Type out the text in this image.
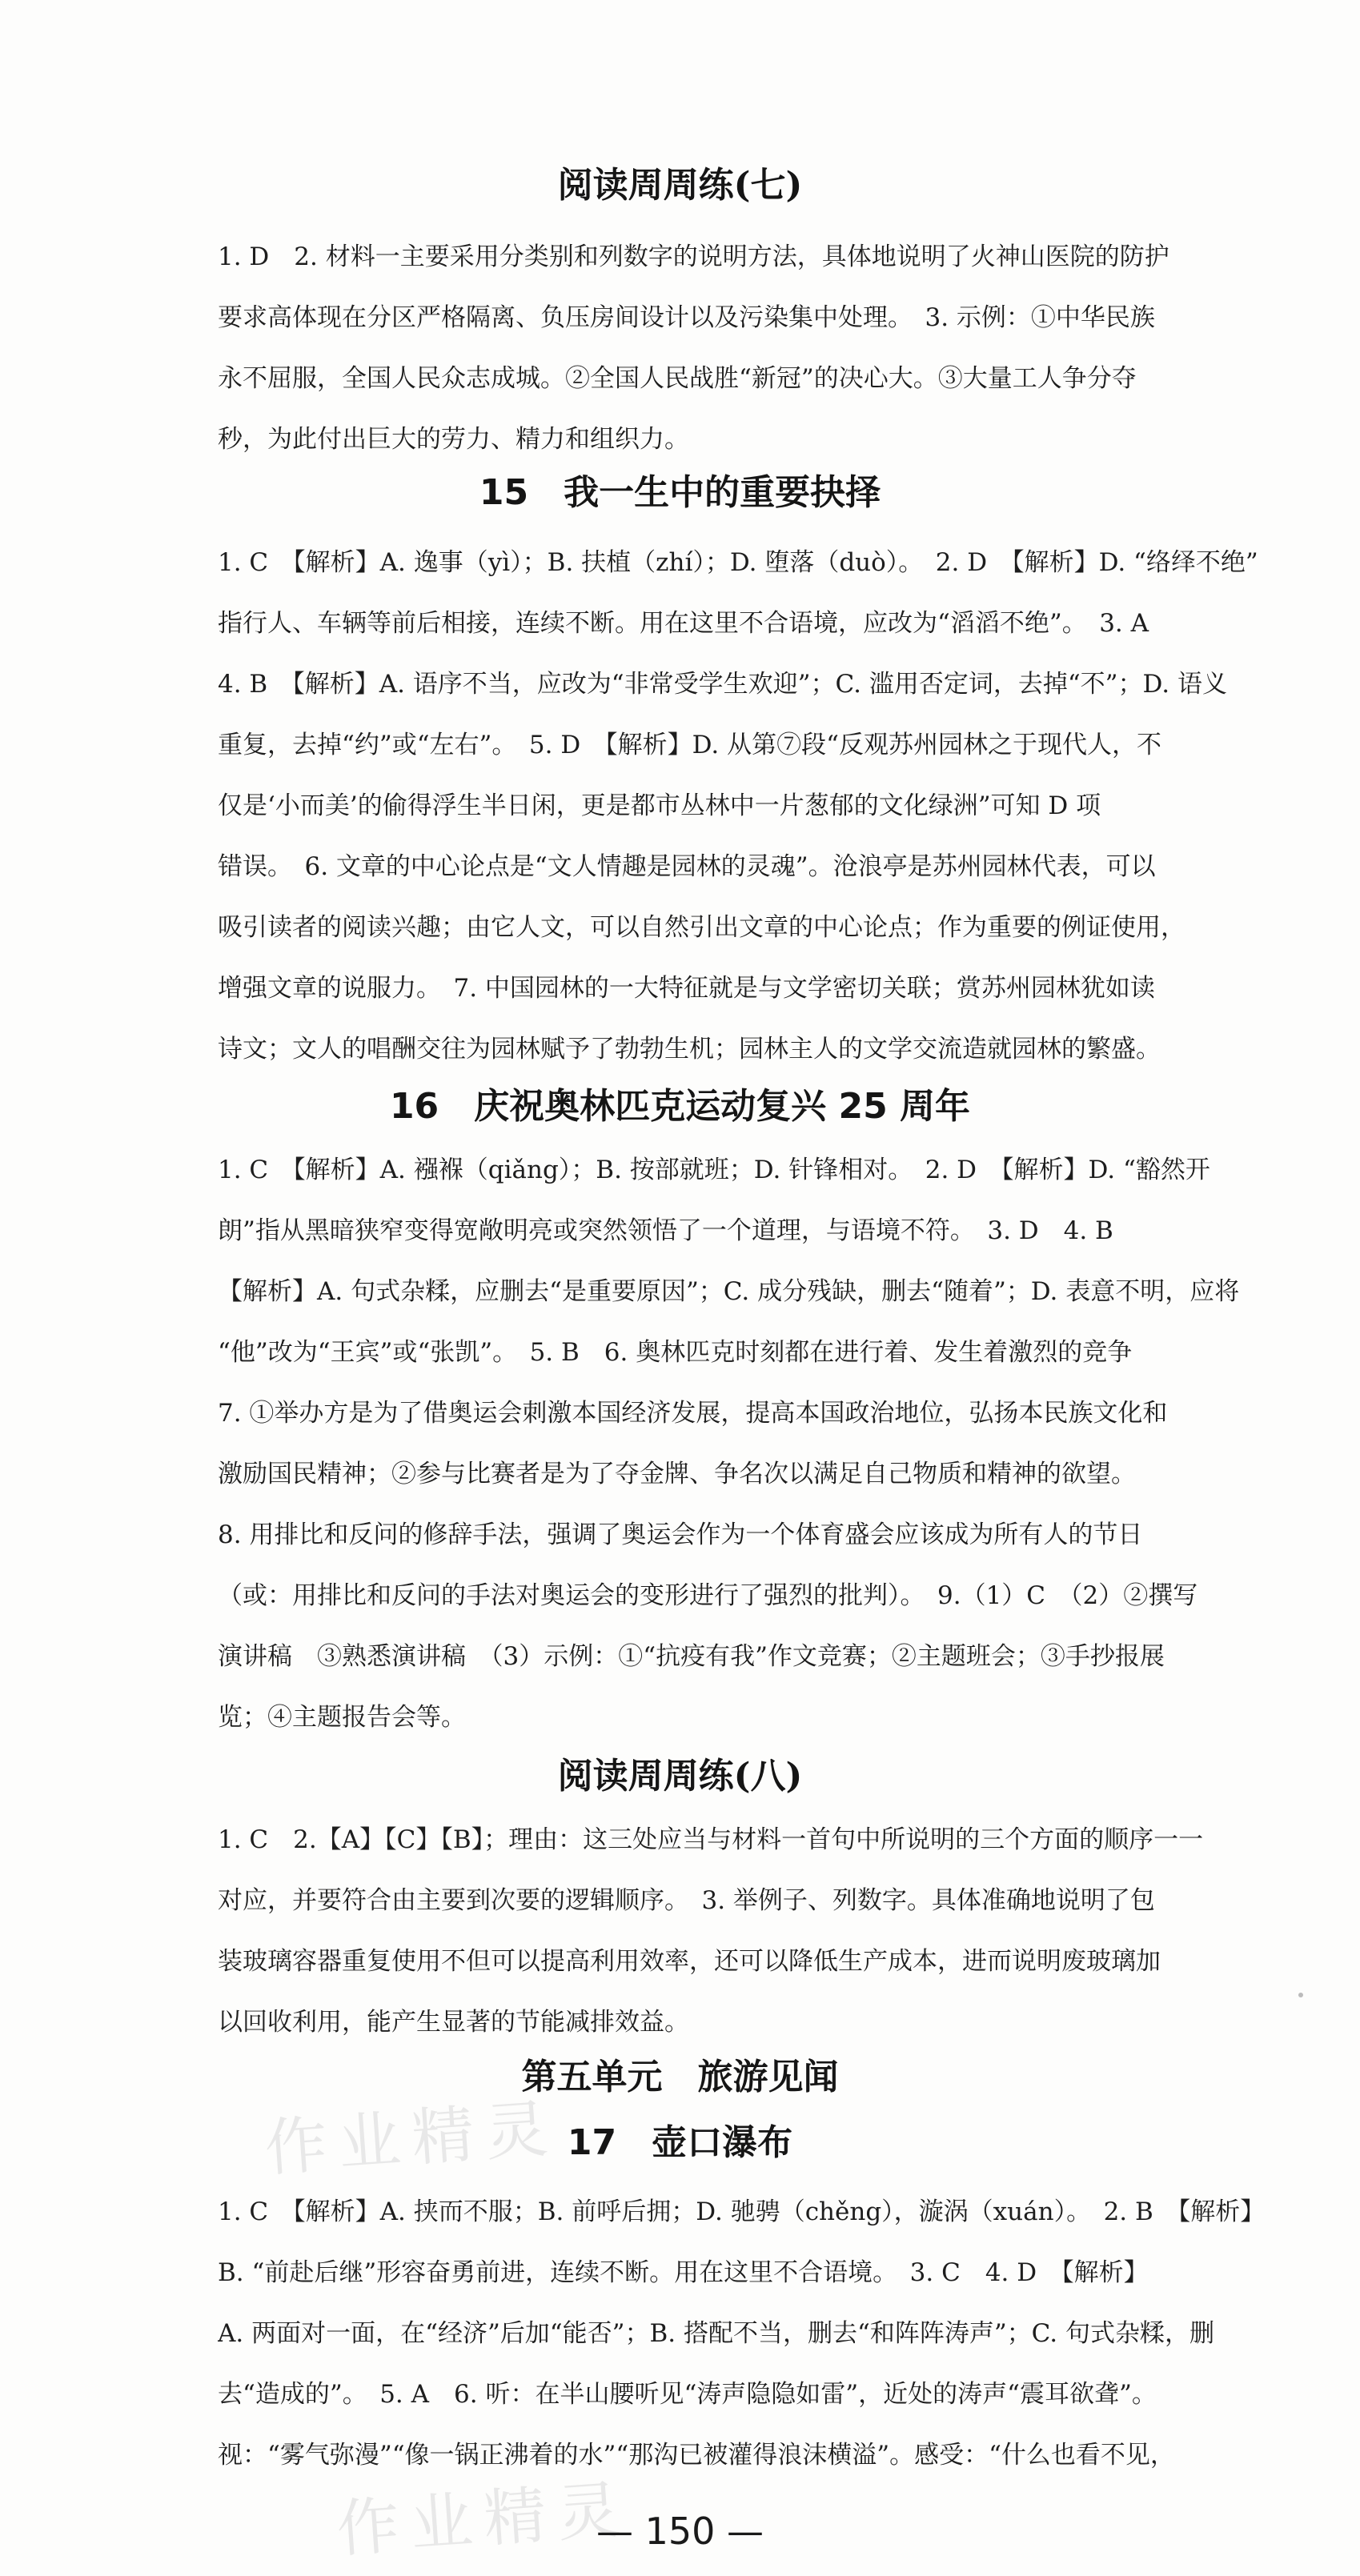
阅读周周练(七)
1. D　2. 材料一主要采用分类别和列数字的说明方法，具体地说明了火神山医院的防护
要求高体现在分区严格隔离、负压房间设计以及污染集中处理。　3. 示例：①中华民族
永不屈服，全国人民众志成城。②全国人民战胜“新冠”的决心大。③大量工人争分夺
秒，为此付出巨大的劳力、精力和组织力。
15　我一生中的重要抉择
1. C　【解析】A. 逸事（yì）；B. 扶植（zhí）；D. 堕落（duò）。　2. D　【解析】D. “络绎不绝”
指行人、车辆等前后相接，连续不断。用在这里不合语境，应改为“滔滔不绝”。　3. A
4. B　【解析】A. 语序不当，应改为“非常受学生欢迎”；C. 滥用否定词，去掉“不”；D. 语义
重复，去掉“约”或“左右”。　5. D　【解析】D. 从第⑦段“反观苏州园林之于现代人，不
仅是‘小而美’的偷得浮生半日闲，更是都市丛林中一片葱郁的文化绿洲”可知 D 项
错误。　6. 文章的中心论点是“文人情趣是园林的灵魂”。沧浪亭是苏州园林代表，可以
吸引读者的阅读兴趣；由它人文，可以自然引出文章的中心论点；作为重要的例证使用，
增强文章的说服力。　7. 中国园林的一大特征就是与文学密切关联；赏苏州园林犹如读
诗文；文人的唱酬交往为园林赋予了勃勃生机；园林主人的文学交流造就园林的繁盛。
16　庆祝奥林匹克运动复兴 25 周年
1. C　【解析】A. 襁褓（qiǎng）；B. 按部就班；D. 针锋相对。　2. D　【解析】D. “豁然开
朗”指从黑暗狭窄变得宽敞明亮或突然领悟了一个道理，与语境不符。　3. D　4. B
【解析】A. 句式杂糅，应删去“是重要原因”；C. 成分残缺，删去“随着”；D. 表意不明，应将
“他”改为“王宾”或“张凯”。　5. B　6. 奥林匹克时刻都在进行着、发生着激烈的竞争
7. ①举办方是为了借奥运会刺激本国经济发展，提高本国政治地位，弘扬本民族文化和
激励国民精神；②参与比赛者是为了夺金牌、争名次以满足自己物质和精神的欲望。
8. 用排比和反问的修辞手法，强调了奥运会作为一个体育盛会应该成为所有人的节日
（或：用排比和反问的手法对奥运会的变形进行了强烈的批判）。　9.（1）C　（2）②撰写
演讲稿　③熟悉演讲稿　（3）示例：①“抗疫有我”作文竞赛；②主题班会；③手抄报展
览；④主题报告会等。
阅读周周练(八)
1. C　2.【A】【C】【B】；理由：这三处应当与材料一首句中所说明的三个方面的顺序一一
对应，并要符合由主要到次要的逻辑顺序。　3. 举例子、列数字。具体准确地说明了包
装玻璃容器重复使用不但可以提高利用效率，还可以降低生产成本，进而说明废玻璃加
以回收利用，能产生显著的节能减排效益。
第五单元　旅游见闻
17　壶口瀑布
1. C　【解析】A. 挟而不服；B. 前呼后拥；D. 驰骋（chěng），漩涡（xuán）。　2. B　【解析】
B. “前赴后继”形容奋勇前进，连续不断。用在这里不合语境。　3. C　4. D　【解析】
A. 两面对一面，在“经济”后加“能否”；B. 搭配不当，删去“和阵阵涛声”；C. 句式杂糅，删
去“造成的”。　5. A　6. 听：在半山腰听见“涛声隐隐如雷”，近处的涛声“震耳欲聋”。
视：“雾气弥漫”“像一锅正沸着的水”“那沟已被灌得浪沫横溢”。感受：“什么也看不见，
作业精灵
作业精灵
— 150 —
